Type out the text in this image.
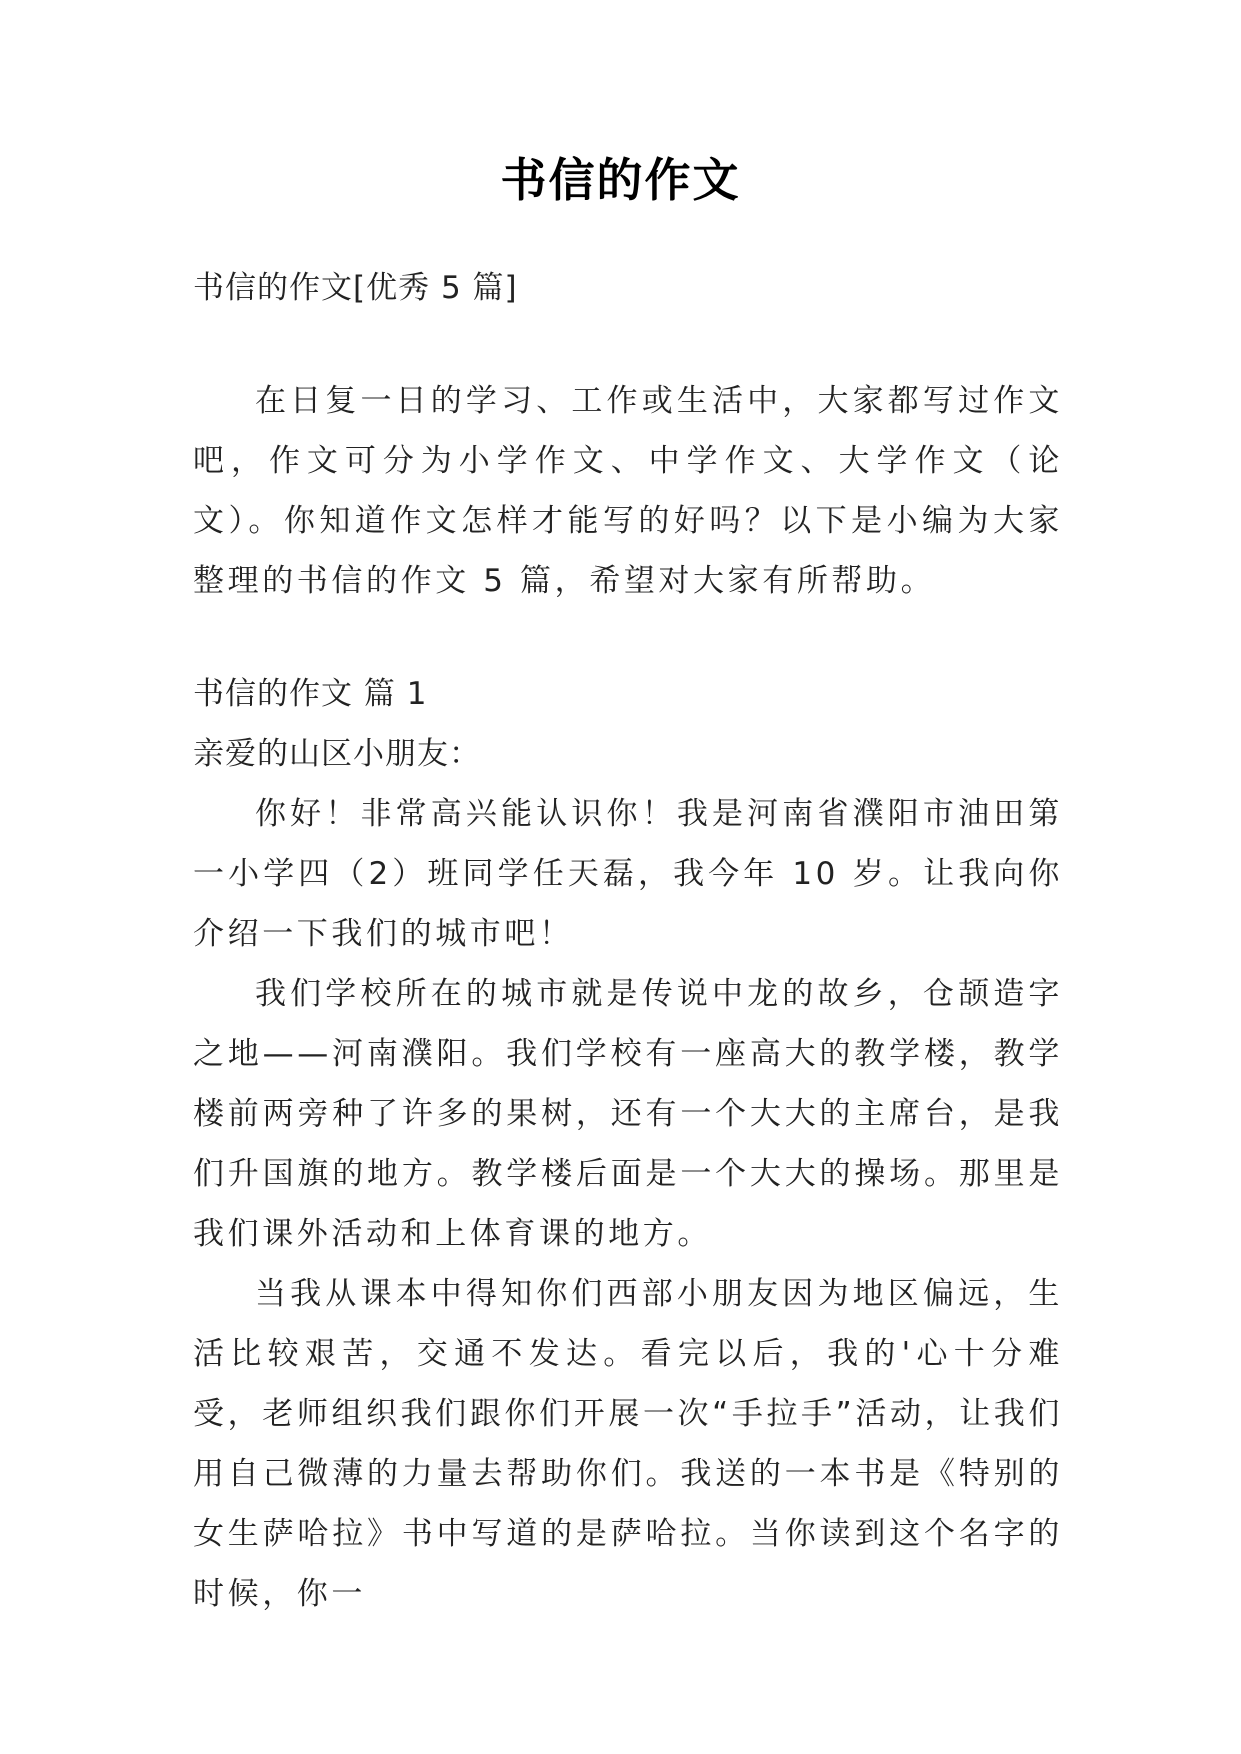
书信的作文

书信的作文[优秀 5 篇]

在日复一日的学习、工作或生活中，大家都写过作文吧，作文可分为小学作文、中学作文、大学作文（论文）。你知道作文怎样才能写的好吗？以下是小编为大家整理的书信的作文 5 篇，希望对大家有所帮助。

书信的作文 篇 1

亲爱的山区小朋友：

你好！非常高兴能认识你！我是河南省濮阳市油田第一小学四（2）班同学任天磊，我今年 10 岁。让我向你介绍一下我们的城市吧！

我们学校所在的城市就是传说中龙的故乡，仓颉造字之地——河南濮阳。我们学校有一座高大的教学楼，教学楼前两旁种了许多的果树，还有一个大大的主席台，是我们升国旗的地方。教学楼后面是一个大大的操场。那里是我们课外活动和上体育课的地方。

当我从课本中得知你们西部小朋友因为地区偏远，生活比较艰苦，交通不发达。看完以后，我的'心十分难受，老师组织我们跟你们开展一次“手拉手”活动，让我们用自己微薄的力量去帮助你们。我送的一本书是《特别的女生萨哈拉》书中写道的是萨哈拉。当你读到这个名字的时候，你一
